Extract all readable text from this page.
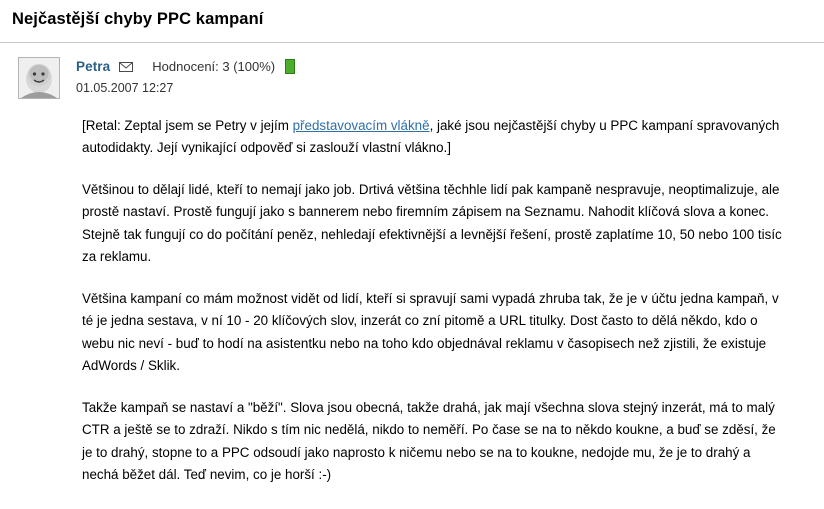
Nejčastější chyby PPC kampaní
Petra	Hodnocení: 3 (100%)
01.05.2007 12:27

[Retal: Zeptal jsem se Petry v jejím představovacím vlákně, jaké jsou nejčastější chyby u PPC kampaní spravovaných autodidakty. Její vynikající odpověď si zaslouží vlastní vlákno.]

Většinou to dělají lidé, kteří to nemají jako job. Drtivá většina těchhle lidí pak kampaně nespravuje, neoptimalizuje, ale prostě nastaví. Prostě fungují jako s bannerem nebo firemním zápisem na Seznamu. Nahodit klíčová slova a konec. Stejně tak fungují co do počítání peněz, nehledají efektivnější a levnější řešení, prostě zaplatíme 10, 50 nebo 100 tisíc za reklamu.

Většina kampaní co mám možnost vidět od lidí, kteří si spravují sami vypadá zhruba tak, že je v účtu jedna kampaň, v té je jedna sestava, v ní 10 - 20 klíčových slov, inzerát co zní pitomě a URL titulky. Dost často to dělá někdo, kdo o webu nic neví - buď to hodí na asistentku nebo na toho kdo objednával reklamu v časopisech než zjistili, že existuje AdWords / Sklik.

Takže kampaň se nastaví a "běží". Slova jsou obecná, takže drahá, jak mají všechna slova stejný inzerát, má to malý CTR a ještě se to zdraží. Nikdo s tím nic nedělá, nikdo to neměří. Po čase se na to někdo koukne, a buď se zděsí, že je to drahý, stopne to a PPC odsoudí jako naprosto k ničemu nebo se na to koukne, nedojde mu, že je to drahý a nechá běžet dál. Teď nevim, co je horší :-)
